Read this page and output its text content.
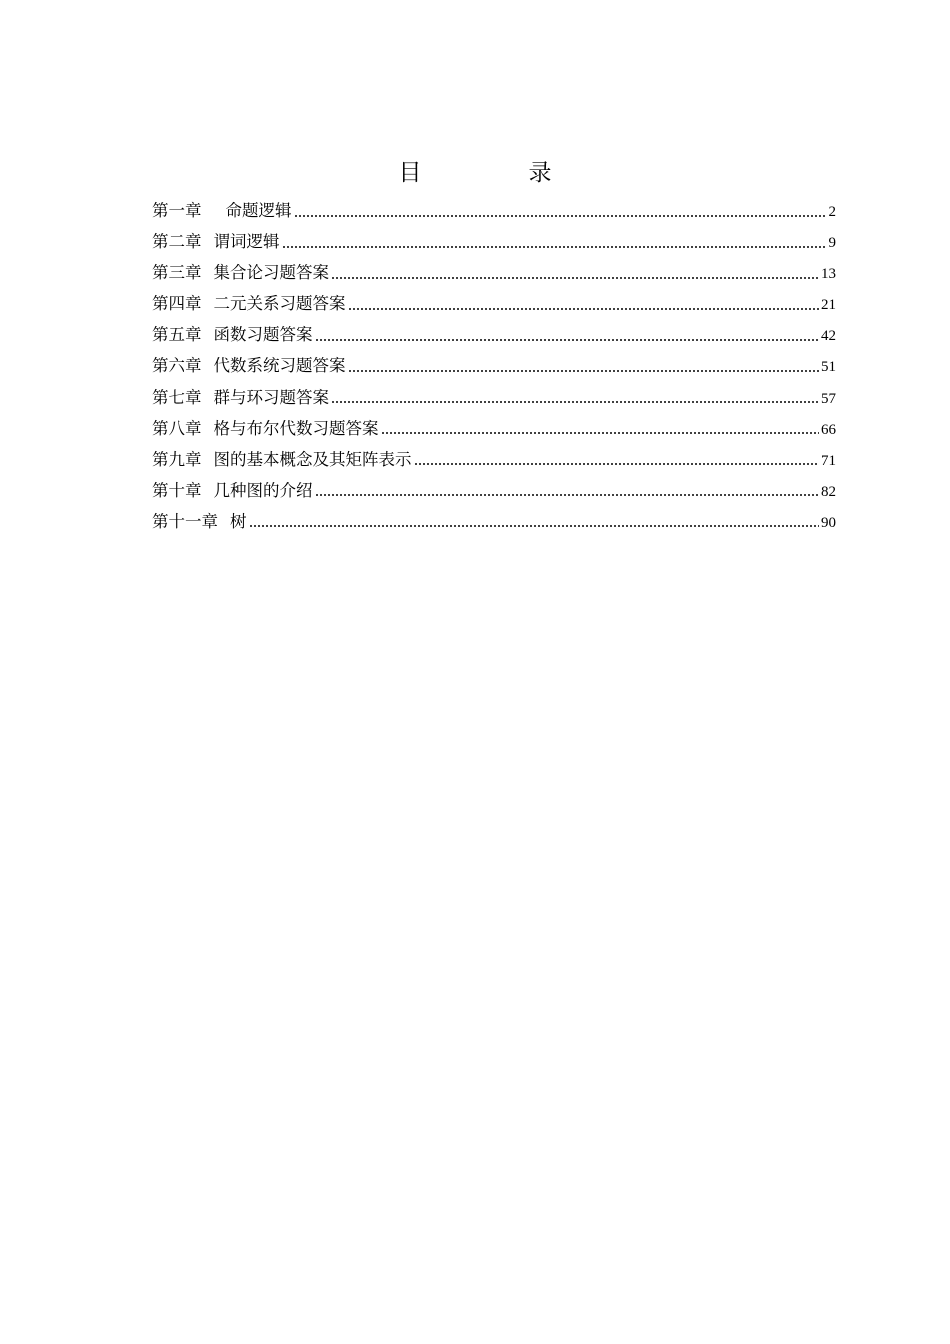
目　录
第一章 命题逻辑	2
第二章 谓词逻辑	9
第三章 集合论习题答案	13
第四章 二元关系习题答案	21
第五章 函数习题答案	42
第六章 代数系统习题答案	51
第七章 群与环习题答案	57
第八章 格与布尔代数习题答案	66
第九章 图的基本概念及其矩阵表示	71
第十章 几种图的介绍	82
第十一章 树	90
